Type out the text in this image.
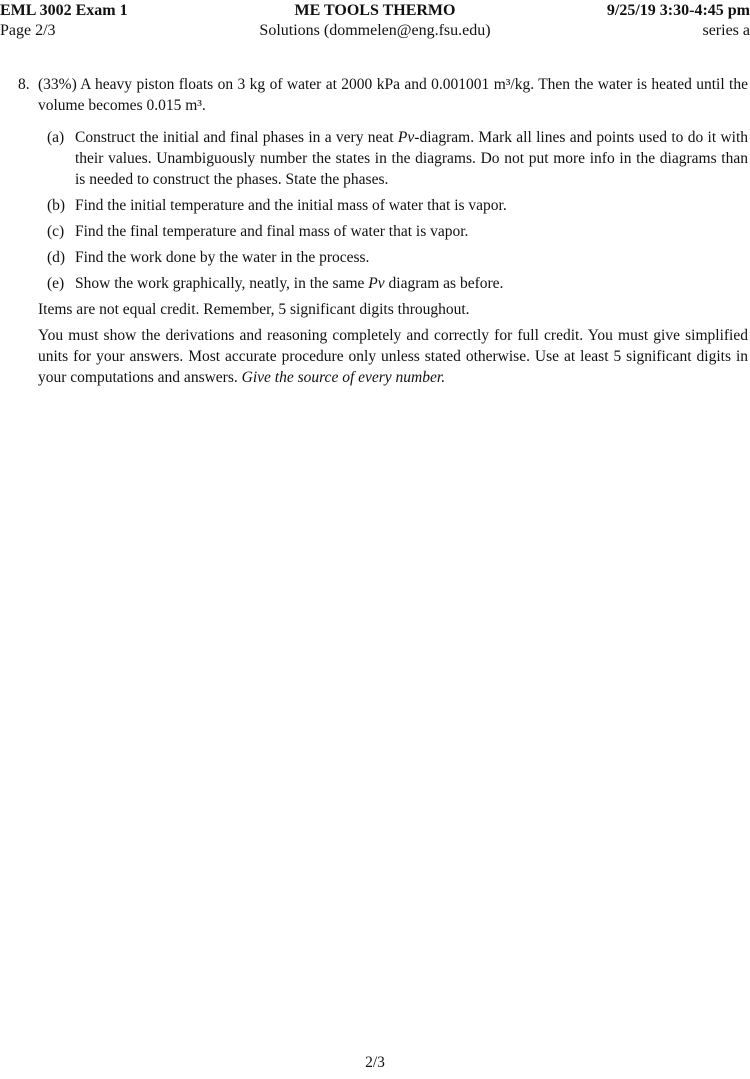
EML 3002 Exam 1
Page 2/3
ME TOOLS THERMO
Solutions (dommelen@eng.fsu.edu)
9/25/19 3:30-4:45 pm
series a
8. (33%) A heavy piston floats on 3 kg of water at 2000 kPa and 0.001001 m³/kg. Then the water is heated until the volume becomes 0.015 m³.
(a) Construct the initial and final phases in a very neat Pv-diagram. Mark all lines and points used to do it with their values. Unambiguously number the states in the diagrams. Do not put more info in the diagrams than is needed to construct the phases. State the phases.
(b) Find the initial temperature and the initial mass of water that is vapor.
(c) Find the final temperature and final mass of water that is vapor.
(d) Find the work done by the water in the process.
(e) Show the work graphically, neatly, in the same Pv diagram as before.
Items are not equal credit. Remember, 5 significant digits throughout.
You must show the derivations and reasoning completely and correctly for full credit. You must give simplified units for your answers. Most accurate procedure only unless stated otherwise. Use at least 5 significant digits in your computations and answers. Give the source of every number.
2/3
